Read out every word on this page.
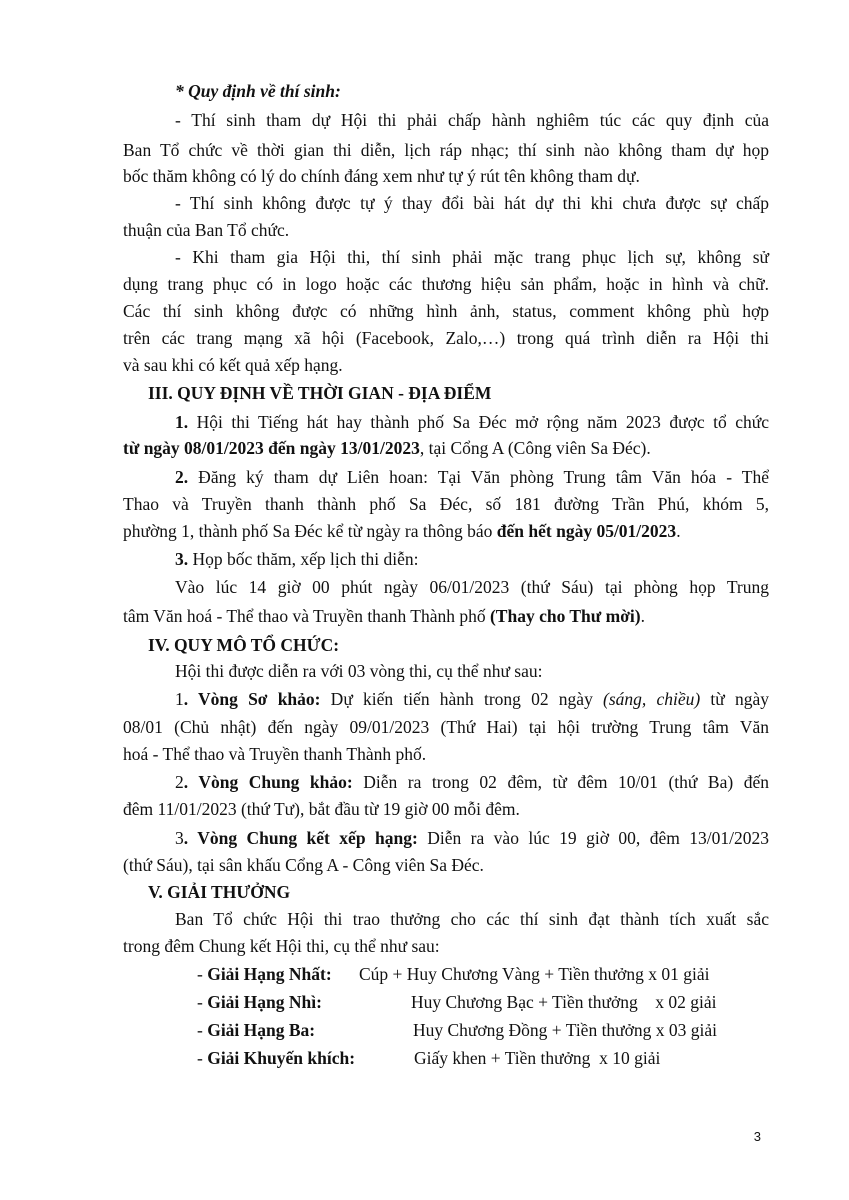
* Quy định về thí sinh:
- Thí sinh tham dự Hội thi phải chấp hành nghiêm túc các quy định của
Ban Tổ chức về thời gian thi diễn, lịch ráp nhạc; thí sinh nào không tham dự họp
bốc thăm không có lý do chính đáng xem như tự ý rút tên không tham dự.
- Thí sinh không được tự ý thay đổi bài hát dự thi khi chưa được sự chấp
thuận của Ban Tổ chức.
- Khi tham gia Hội thi, thí sinh phải mặc trang phục lịch sự, không sử
dụng trang phục có in logo hoặc các thương hiệu sản phẩm, hoặc in hình và chữ.
Các thí sinh không được có những hình ảnh, status, comment không phù hợp
trên các trang mạng xã hội (Facebook, Zalo,…) trong quá trình diễn ra Hội thi
và sau khi có kết quả xếp hạng.
III. QUY ĐỊNH VỀ THỜI GIAN - ĐỊA ĐIỂM
1. Hội thi Tiếng hát hay thành phố Sa Đéc mở rộng năm 2023 được tổ chức
từ ngày 08/01/2023 đến ngày 13/01/2023, tại Cổng A (Công viên Sa Đéc).
2. Đăng ký tham dự Liên hoan: Tại Văn phòng Trung tâm Văn hóa - Thể
Thao và Truyền thanh thành phố Sa Đéc, số 181 đường Trần Phú, khóm 5,
phường 1, thành phố Sa Đéc kể từ ngày ra thông báo đến hết ngày 05/01/2023.
3. Họp bốc thăm, xếp lịch thi diễn:
Vào lúc 14 giờ 00 phút ngày 06/01/2023 (thứ Sáu) tại phòng họp Trung
tâm Văn hoá - Thể thao và Truyền thanh Thành phố (Thay cho Thư mời).
IV. QUY MÔ TỔ CHỨC:
Hội thi được diễn ra với 03 vòng thi, cụ thể như sau:
1. Vòng Sơ khảo: Dự kiến tiến hành trong 02 ngày (sáng, chiều) từ ngày
08/01 (Chủ nhật) đến ngày 09/01/2023 (Thứ Hai) tại hội trường Trung tâm Văn
hoá - Thể thao và Truyền thanh Thành phố.
2. Vòng Chung khảo: Diễn ra trong 02 đêm, từ đêm 10/01 (thứ Ba) đến
đêm 11/01/2023 (thứ Tư), bắt đầu từ 19 giờ 00 mỗi đêm.
3. Vòng Chung kết xếp hạng: Diễn ra vào lúc 19 giờ 00, đêm 13/01/2023
(thứ Sáu), tại sân khấu Cổng A - Công viên Sa Đéc.
V. GIẢI THƯỞNG
Ban Tổ chức Hội thi trao thưởng cho các thí sinh đạt thành tích xuất sắc
trong đêm Chung kết Hội thi, cụ thể như sau:
- Giải Hạng Nhất: Cúp + Huy Chương Vàng + Tiền thưởng x 01 giải
- Giải Hạng Nhì:	Huy Chương Bạc + Tiền thưởng    x 02 giải
- Giải Hạng Ba:	Huy Chương Đồng + Tiền thưởng x 03 giải
- Giải Khuyến khích:	Giấy khen + Tiền thưởng  x 10 giải
3
